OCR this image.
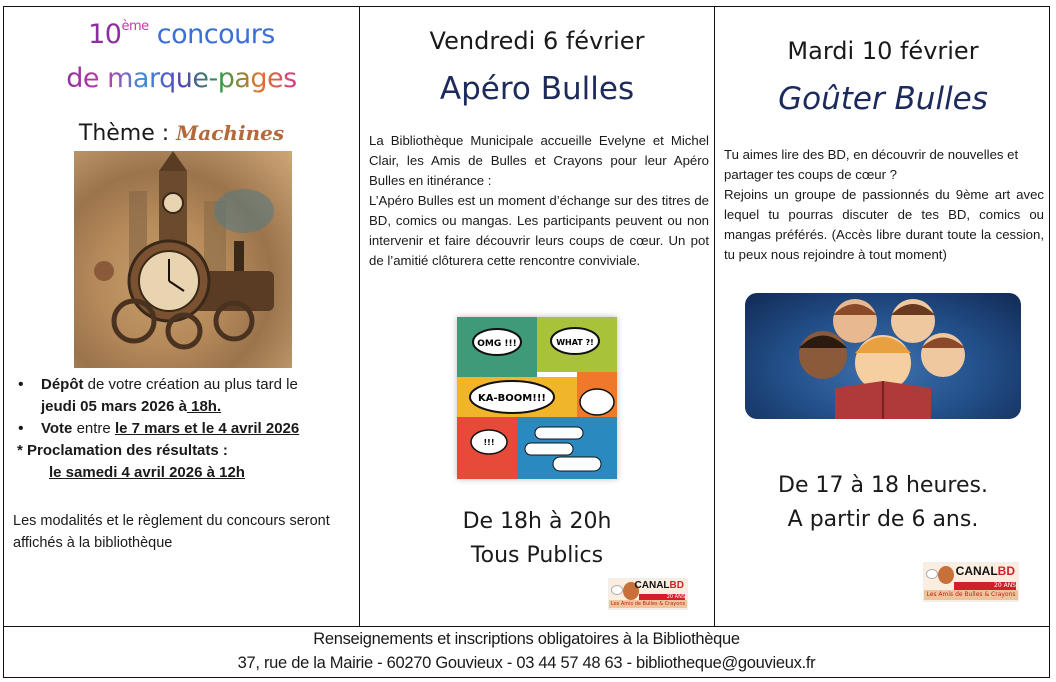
10ème concours
de marque-pages
Thème : Machines
• Dépôt de votre création au plus tard le
jeudi 05 mars 2026 à 18h.
• Vote entre le 7 mars et le 4 avril 2026
* Proclamation des résultats :
le samedi 4 avril 2026 à 12h
Les modalités et le règlement du concours seront affichés à la bibliothèque
Vendredi 6 février
Apéro Bulles
La Bibliothèque Municipale accueille Evelyne et Michel Clair, les Amis de Bulles et Crayons pour leur Apéro Bulles en itinérance :
L’Apéro Bulles est un moment d’échange sur des titres de BD, comics ou mangas. Les participants peuvent ou non intervenir et faire découvrir leurs coups de cœur. Un pot de l’amitié clôturera cette rencontre conviviale.
OMG !!!	WHAT ?!
KA-BOOM!!!
!!!
De 18h à 20h
Tous Publics
CANALBD
20 ANS
Les Amis de Bulles & Crayons
Mardi 10 février
Goûter Bulles
Tu aimes lire des BD, en découvrir de nouvelles et partager tes coups de cœur ?
Rejoins un groupe de passionnés du 9ème art avec lequel tu pourras discuter de tes BD, comics ou mangas préférés. (Accès libre durant toute la cession, tu peux nous rejoindre à tout moment)
De 17 à 18 heures.
A partir de 6 ans.
CANALBD
20 ANS
Les Amis de Bulles & Crayons
Renseignements et inscriptions obligatoires à la Bibliothèque
37, rue de la Mairie - 60270 Gouvieux - 03 44 57 48 63 - bibliotheque@gouvieux.fr
